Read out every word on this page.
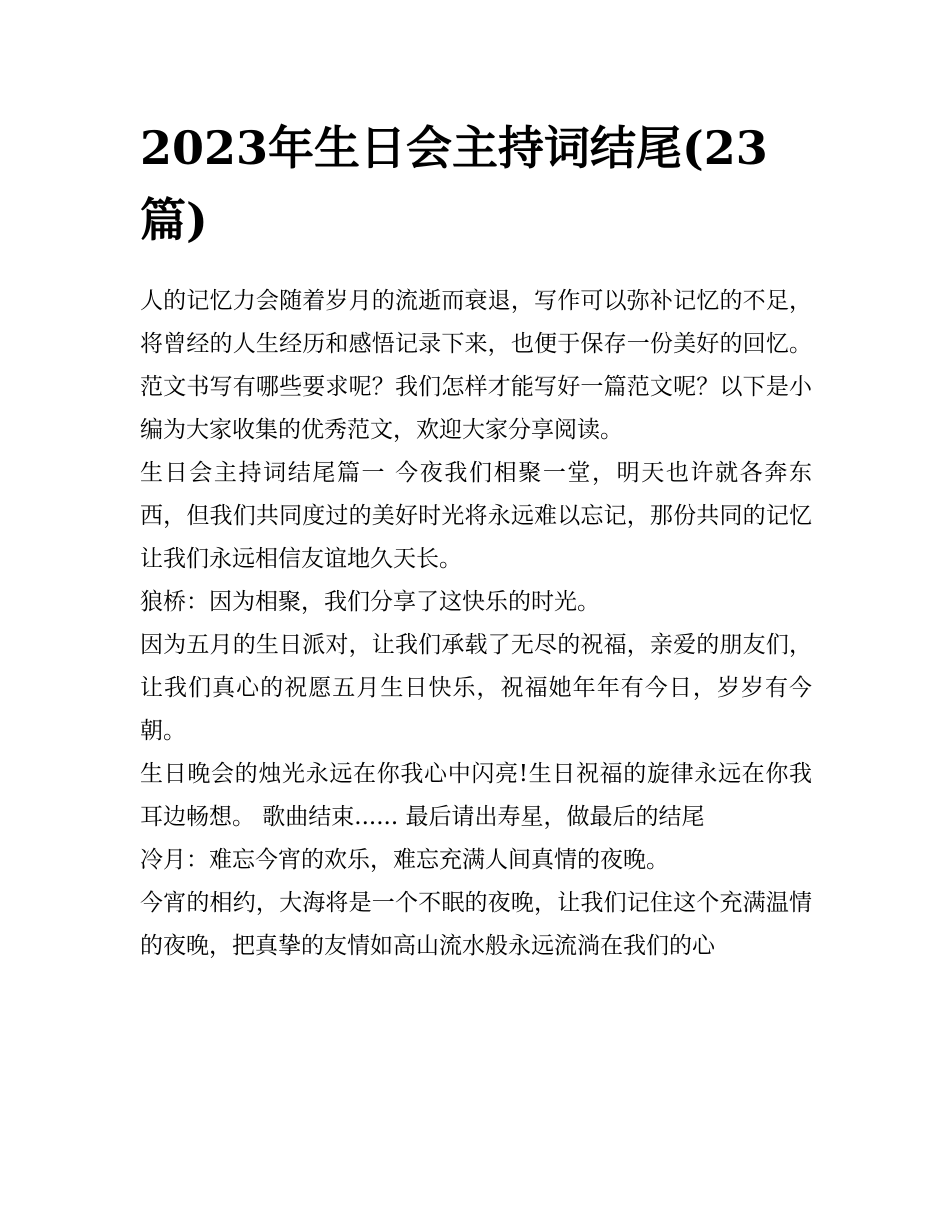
2023年生日会主持词结尾(23篇)

人的记忆力会随着岁月的流逝而衰退，写作可以弥补记忆的不足，将曾经的人生经历和感悟记录下来，也便于保存一份美好的回忆。范文书写有哪些要求呢？我们怎样才能写好一篇范文呢？以下是小编为大家收集的优秀范文，欢迎大家分享阅读。

生日会主持词结尾篇一 今夜我们相聚一堂，明天也许就各奔东西，但我们共同度过的美好时光将永远难以忘记，那份共同的记忆让我们永远相信友谊地久天长。

狼桥：因为相聚，我们分享了这快乐的时光。

因为五月的生日派对，让我们承载了无尽的祝福，亲爱的朋友们，让我们真心的祝愿五月生日快乐，祝福她年年有今日，岁岁有今朝。

生日晚会的烛光永远在你我心中闪亮!生日祝福的旋律永远在你我耳边畅想。 歌曲结束...... 最后请出寿星，做最后的结尾

冷月：难忘今宵的欢乐，难忘充满人间真情的夜晚。

今宵的相约，大海将是一个不眠的夜晚，让我们记住这个充满温情的夜晚，把真挚的友情如高山流水般永远流淌在我们的心
